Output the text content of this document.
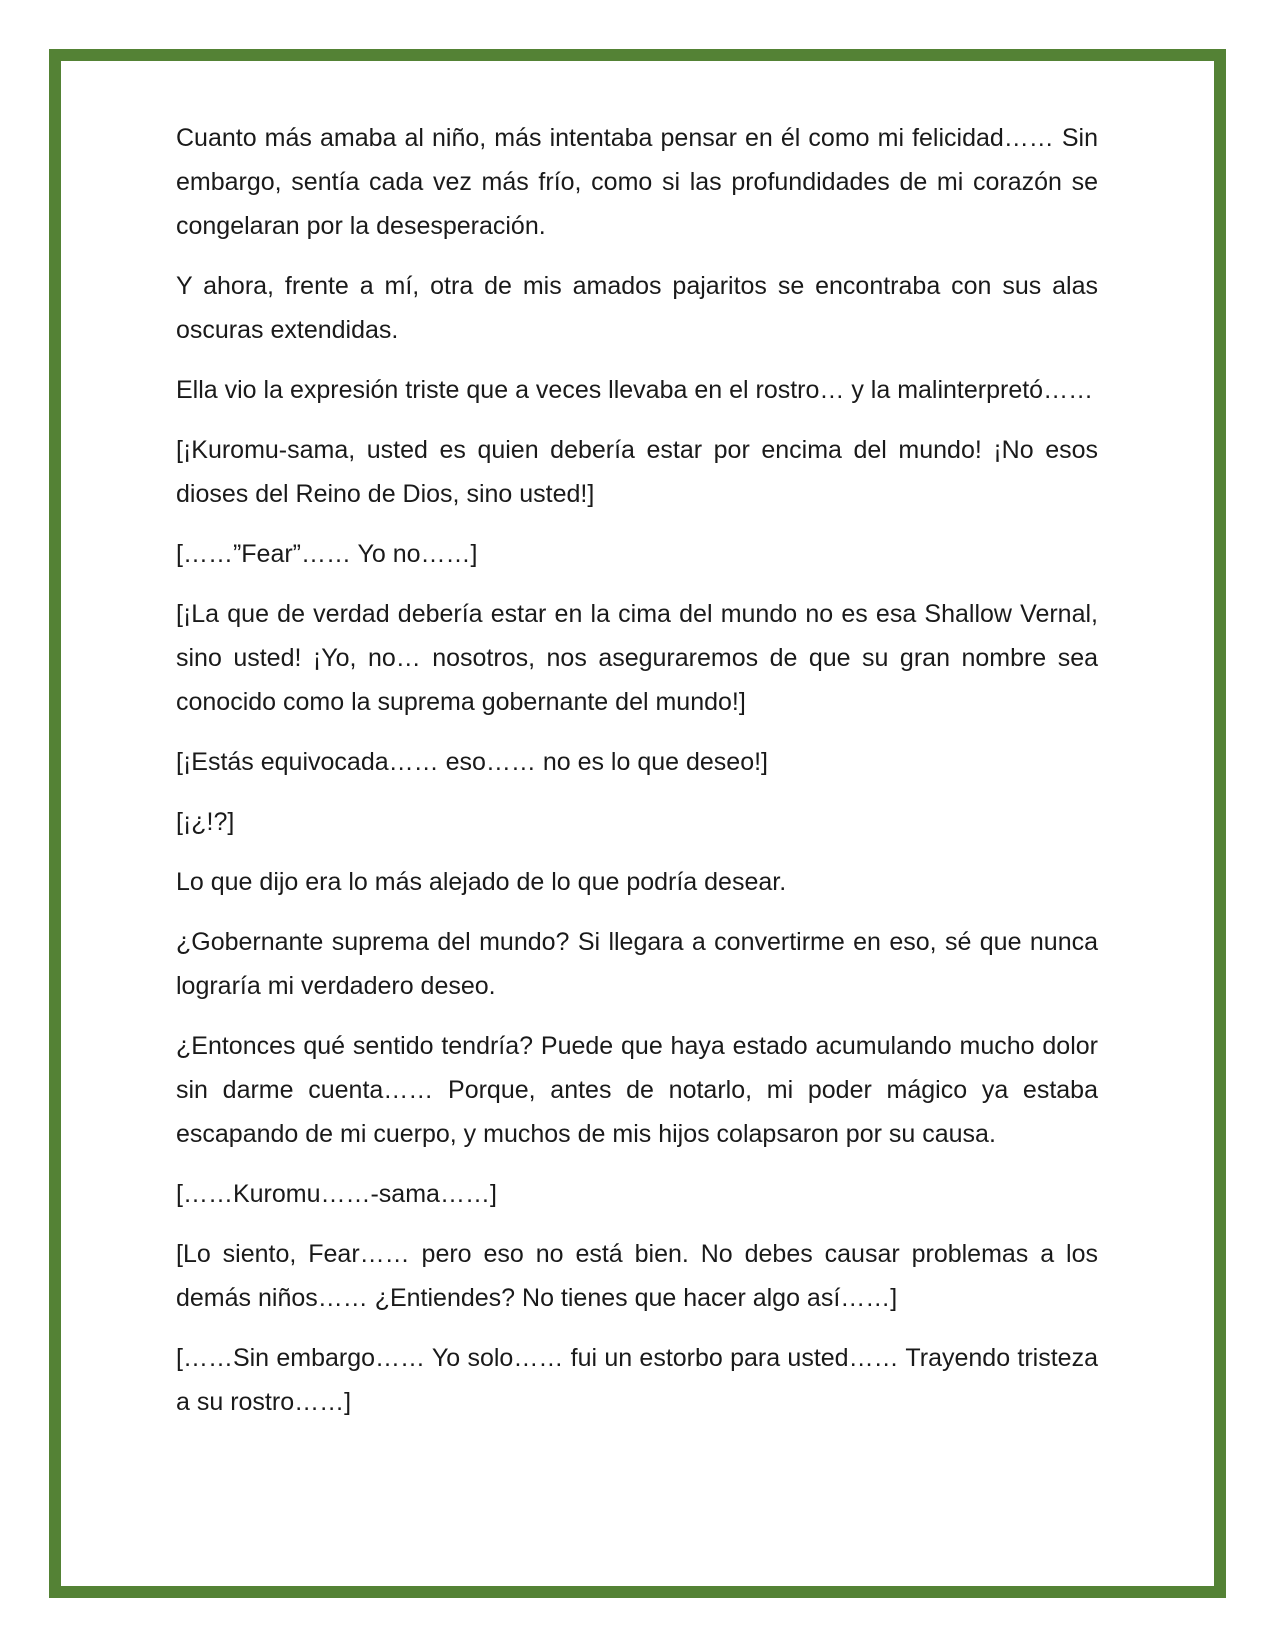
Cuanto más amaba al niño, más intentaba pensar en él como mi felicidad…… Sin embargo, sentía cada vez más frío, como si las profundidades de mi corazón se congelaran por la desesperación.

Y ahora, frente a mí, otra de mis amados pajaritos se encontraba con sus alas oscuras extendidas.

Ella vio la expresión triste que a veces llevaba en el rostro… y la malinterpretó……

[¡Kuromu-sama, usted es quien debería estar por encima del mundo! ¡No esos dioses del Reino de Dios, sino usted!]

[……”Fear”…… Yo no……]

[¡La que de verdad debería estar en la cima del mundo no es esa Shallow Vernal, sino usted! ¡Yo, no… nosotros, nos aseguraremos de que su gran nombre sea conocido como la suprema gobernante del mundo!]

[¡Estás equivocada…… eso…… no es lo que deseo!]

[¡¿!?]

Lo que dijo era lo más alejado de lo que podría desear.

¿Gobernante suprema del mundo? Si llegara a convertirme en eso, sé que nunca lograría mi verdadero deseo.

¿Entonces qué sentido tendría? Puede que haya estado acumulando mucho dolor sin darme cuenta…… Porque, antes de notarlo, mi poder mágico ya estaba escapando de mi cuerpo, y muchos de mis hijos colapsaron por su causa.

[……Kuromu……-sama……]

[Lo siento, Fear…… pero eso no está bien. No debes causar problemas a los demás niños…… ¿Entiendes? No tienes que hacer algo así……]

[……Sin embargo…… Yo solo…… fui un estorbo para usted…… Trayendo tristeza a su rostro……]
